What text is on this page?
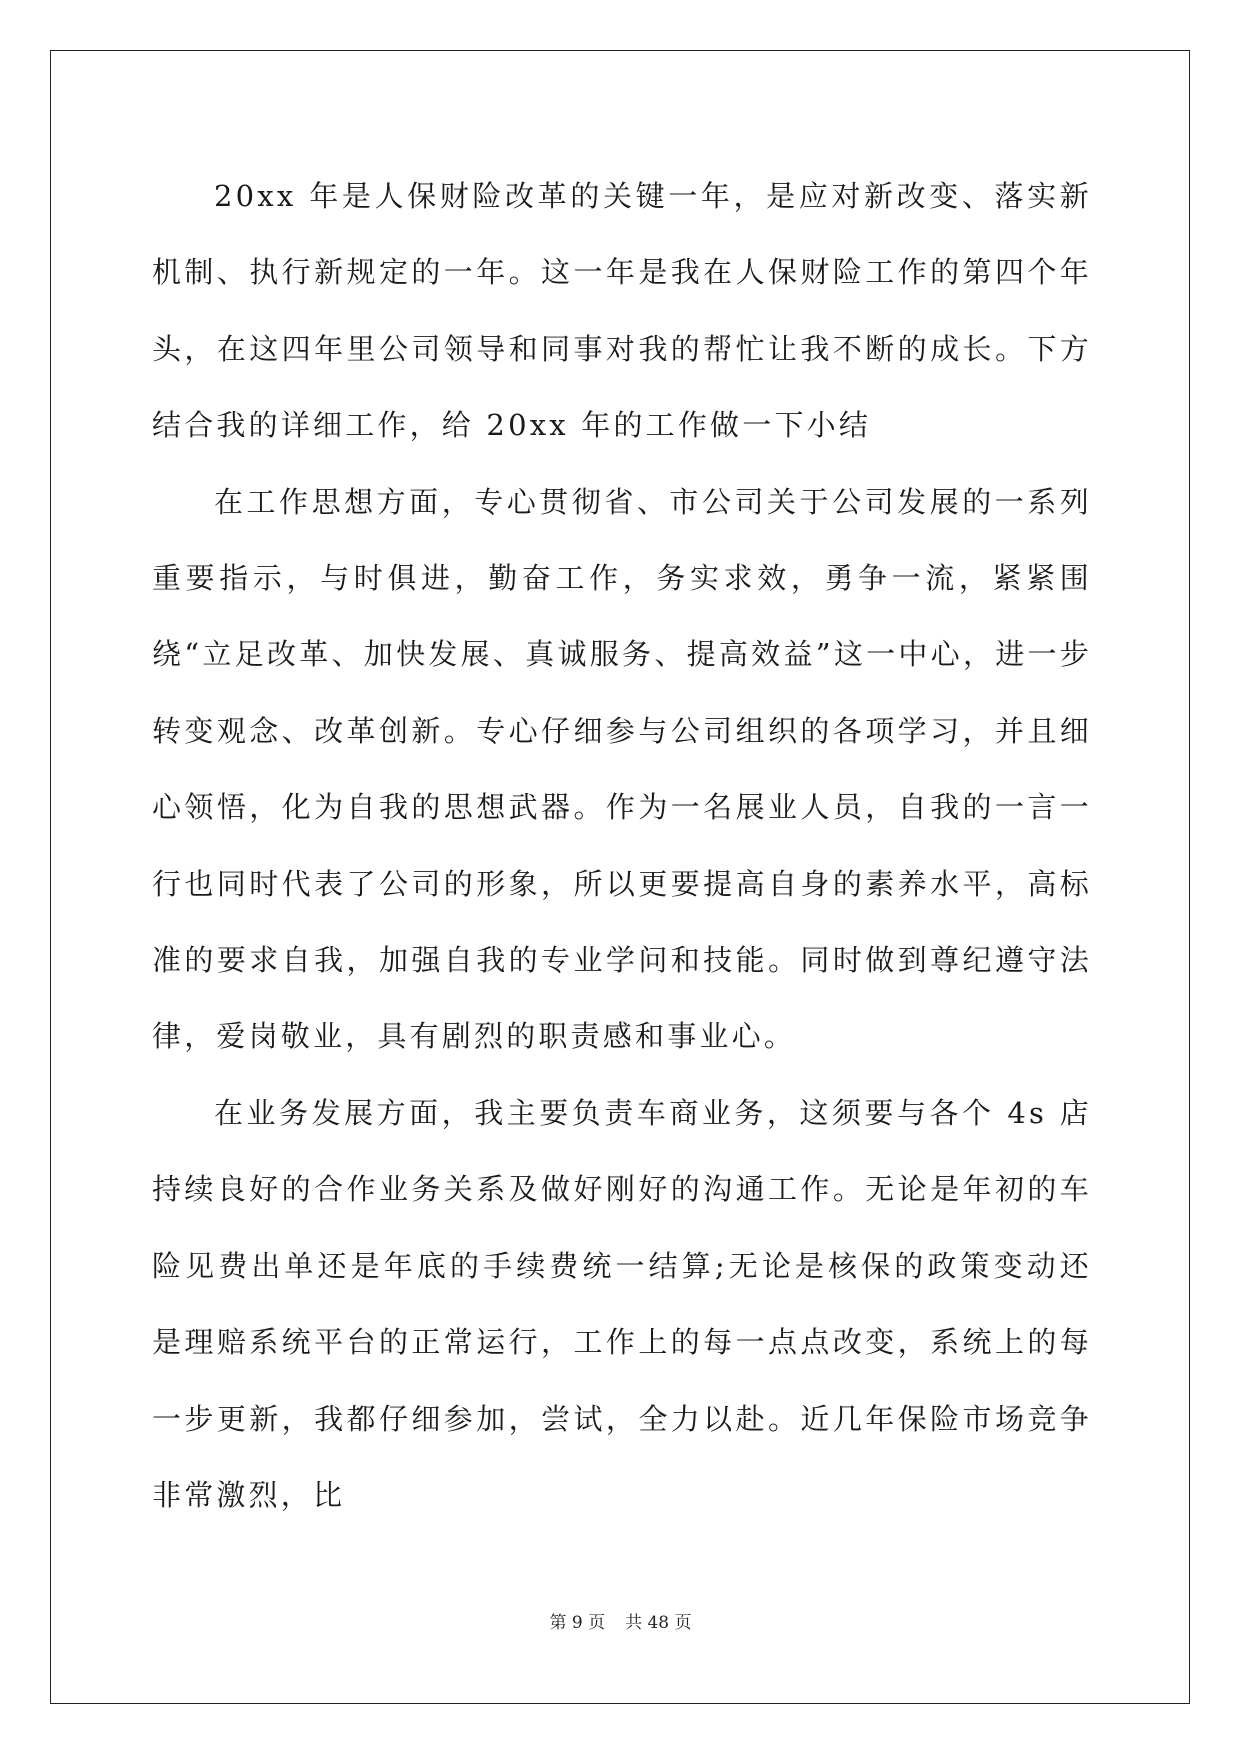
20xx 年是人保财险改革的关键一年，是应对新改变、落实新机制、执行新规定的一年。这一年是我在人保财险工作的第四个年头，在这四年里公司领导和同事对我的帮忙让我不断的成长。下方结合我的详细工作，给 20xx 年的工作做一下小结

在工作思想方面，专心贯彻省、市公司关于公司发展的一系列重要指示，与时俱进，勤奋工作，务实求效，勇争一流，紧紧围绕“立足改革、加快发展、真诚服务、提高效益”这一中心，进一步转变观念、改革创新。专心仔细参与公司组织的各项学习，并且细心领悟，化为自我的思想武器。作为一名展业人员，自我的一言一行也同时代表了公司的形象，所以更要提高自身的素养水平，高标准的要求自我，加强自我的专业学问和技能。同时做到尊纪遵守法律，爱岗敬业，具有剧烈的职责感和事业心。

在业务发展方面，我主要负责车商业务，这须要与各个 4s 店持续良好的合作业务关系及做好刚好的沟通工作。无论是年初的车险见费出单还是年底的手续费统一结算;无论是核保的政策变动还是理赔系统平台的正常运行，工作上的每一点点改变，系统上的每一步更新，我都仔细参加，尝试，全力以赴。近几年保险市场竞争非常激烈，比

第 9 页 共 48 页
